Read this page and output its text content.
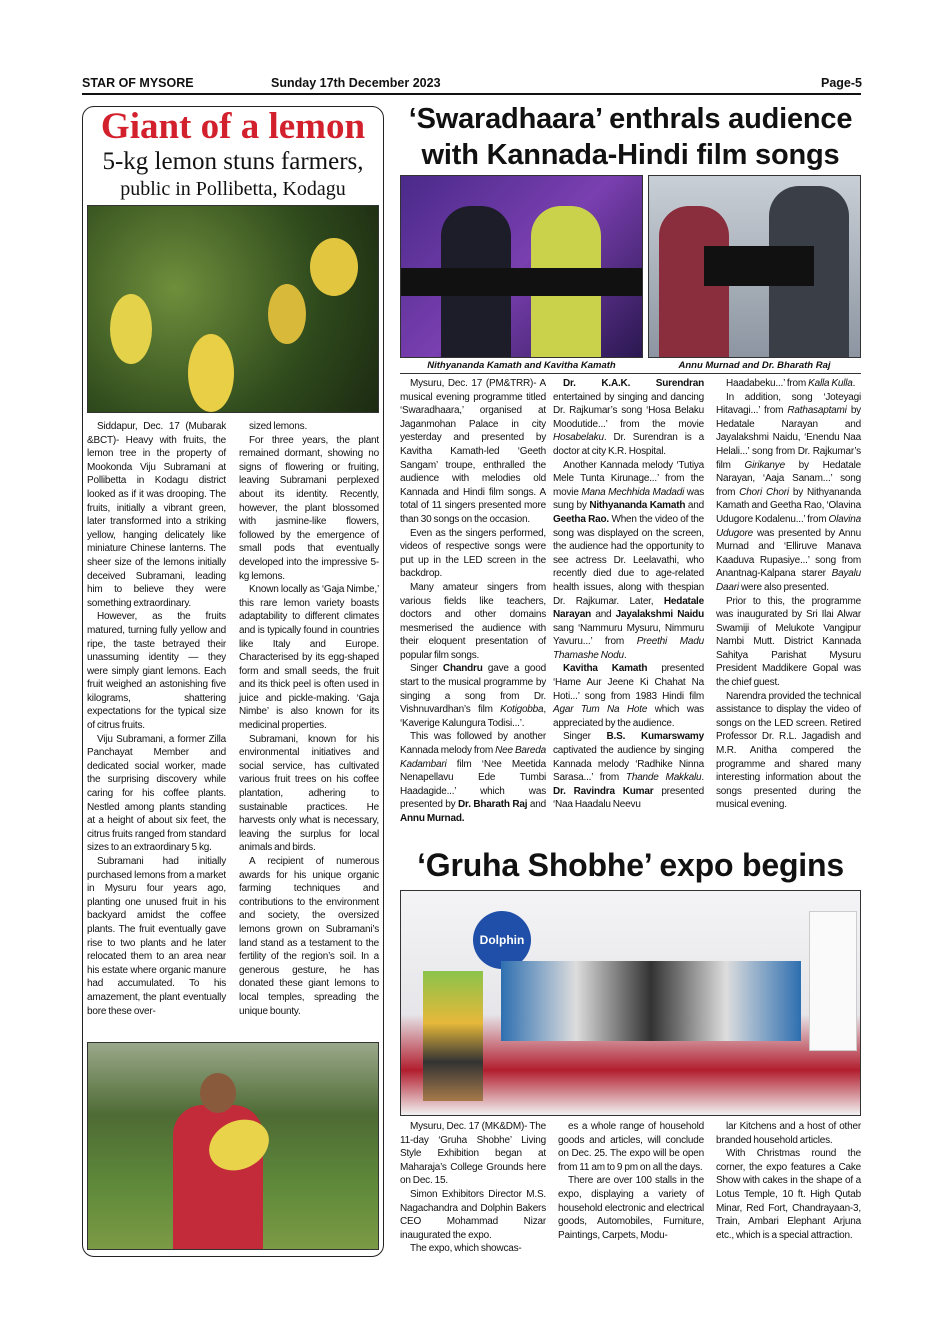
STAR OF MYSORE	Sunday 17th December 2023	Page-5
Giant of a lemon
5-kg lemon stuns farmers,
public in Pollibetta, Kodagu

Siddapur, Dec. 17 (Mubarak &BCT)- Heavy with fruits, the lemon tree in the property of Mookonda Viju Subramani at Pollibetta in Kodagu district looked as if it was drooping. The fruits, initially a vibrant green, later transformed into a striking yellow, hanging delicately like miniature Chinese lanterns. The sheer size of the lemons initially deceived Subramani, leading him to believe they were something extraordinary.

However, as the fruits matured, turning fully yellow and ripe, the taste betrayed their unassuming identity — they were simply giant lemons. Each fruit weighed an astonishing five kilograms, shattering expectations for the typical size of citrus fruits.

Viju Subramani, a former Zilla Panchayat Member and dedicated social worker, made the surprising discovery while caring for his coffee plants. Nestled among plants standing at a height of about six feet, the citrus fruits ranged from standard sizes to an extraordinary 5 kg.

Subramani had initially purchased lemons from a market in Mysuru four years ago, planting one unused fruit in his backyard amidst the coffee plants. The fruit eventually gave rise to two plants and he later relocated them to an area near his estate where organic manure had accumulated. To his amazement, the plant eventually bore these over-

sized lemons.

For three years, the plant remained dormant, showing no signs of flowering or fruiting, leaving Subramani perplexed about its identity. Recently, however, the plant blossomed with jasmine-like flowers, followed by the emergence of small pods that eventually developed into the impressive 5-kg lemons.

Known locally as ‘Gaja Nimbe,’ this rare lemon variety boasts adaptability to different climates and is typically found in countries like Italy and Europe. Characterised by its egg-shaped form and small seeds, the fruit and its thick peel is often used in juice and pickle-making. ‘Gaja Nimbe’ is also known for its medicinal properties.

Subramani, known for his environmental initiatives and social service, has cultivated various fruit trees on his coffee plantation, adhering to sustainable practices. He harvests only what is necessary, leaving the surplus for local animals and birds.

A recipient of numerous awards for his unique organic farming techniques and contributions to the environment and society, the oversized lemons grown on Subramani’s land stand as a testament to the fertility of the region’s soil. In a generous gesture, he has donated these giant lemons to local temples, spreading the unique bounty.

‘Swaradhaara’ enthrals audience
with Kannada-Hindi film songs
Nithyananda Kamath and Kavitha Kamath	Annu Murnad and Dr. Bharath Raj

Mysuru, Dec. 17 (PM&TRR)- A musical evening programme titled ‘Swaradhaara,’ organised at Jaganmohan Palace in city yesterday and presented by Kavitha Kamath-led ‘Geeth Sangam’ troupe, enthralled the audience with melodies old Kannada and Hindi film songs. A total of 11 singers presented more than 30 songs on the occasion.

Even as the singers performed, videos of respective songs were put up in the LED screen in the backdrop.

Many amateur singers from various fields like teachers, doctors and other domains mesmerised the audience with their eloquent presentation of popular film songs.

Singer Chandru gave a good start to the musical programme by singing a song from Dr. Vishnuvardhan’s film Kotigobba, ‘Kaverige Kalungura Todisi...’.

This was followed by another Kannada melody from Nee Bareda Kadambari film ‘Nee Meetida Nenapellavu Ede Tumbi Haadagide...’ which was presented by Dr. Bharath Raj and Annu Murnad.

Dr. K.A.K. Surendran entertained by singing and dancing Dr. Rajkumar’s song ‘Hosa Belaku Moodutide...’ from the movie Hosabelaku. Dr. Surendran is a doctor at city K.R. Hospital.

Another Kannada melody ‘Tutiya Mele Tunta Kirunage...’ from the movie Mana Mechhida Madadi was sung by Nithyananda Kamath and Geetha Rao. When the video of the song was displayed on the screen, the audience had the opportunity to see actress Dr. Leelavathi, who recently died due to age-related health issues, along with thespian Dr. Rajkumar. Later, Hedatale Narayan and Jayalakshmi Naidu sang ‘Nammuru Mysuru, Nimmuru Yavuru...’ from Preethi Madu Thamashe Nodu.

Kavitha Kamath presented ‘Hame Aur Jeene Ki Chahat Na Hoti...’ song from 1983 Hindi film Agar Tum Na Hote which was appreciated by the audience.

Singer B.S. Kumarswamy captivated the audience by singing Kannada melody ‘Radhike Ninna Sarasa...’ from Thande Makkalu. Dr. Ravindra Kumar presented ‘Naa Haadalu Neevu

Haadabeku...’ from Kalla Kulla.

In addition, song ‘Joteyagi Hitavagi...’ from Rathasaptami by Hedatale Narayan and Jayalakshmi Naidu, ‘Enendu Naa Helali...’ song from Dr. Rajkumar’s film Girikanye by Hedatale Narayan, ‘Aaja Sanam...’ song from Chori Chori by Nithyananda Kamath and Geetha Rao, ‘Olavina Udugore Kodalenu...’ from Olavina Udugore was presented by Annu Murnad and ‘Elliruve Manava Kaaduva Rupasiye...’ song from Anantnag-Kalpana starer Bayalu Daari were also presented.

Prior to this, the programme was inaugurated by Sri Ilai Alwar Swamiji of Melukote Vangipur Nambi Mutt. District Kannada Sahitya Parishat Mysuru President Maddikere Gopal was the chief guest.

Narendra provided the technical assistance to display the video of songs on the LED screen. Retired Professor Dr. R.L. Jagadish and M.R. Anitha compered the programme and shared many interesting information about the songs presented during the musical evening.

‘Gruha Shobhe’ expo begins
Dolphin

Mysuru, Dec. 17 (MK&DM)- The 11-day ‘Gruha Shobhe’ Living Style Exhibition began at Maharaja’s College Grounds here on Dec. 15.

Simon Exhibitors Director M.S. Nagachandra and Dolphin Bakers CEO Mohammad Nizar inaugurated the expo.

The expo, which showcas-

es a whole range of household goods and articles, will conclude on Dec. 25. The expo will be open from 11 am to 9 pm on all the days.

There are over 100 stalls in the expo, displaying a variety of household electronic and electrical goods, Automobiles, Furniture, Paintings, Carpets, Modu-

lar Kitchens and a host of other branded household articles.

With Christmas round the corner, the expo features a Cake Show with cakes in the shape of a Lotus Temple, 10 ft. High Qutab Minar, Red Fort, Chandrayaan-3, Train, Ambari Elephant Arjuna etc., which is a special attraction.
